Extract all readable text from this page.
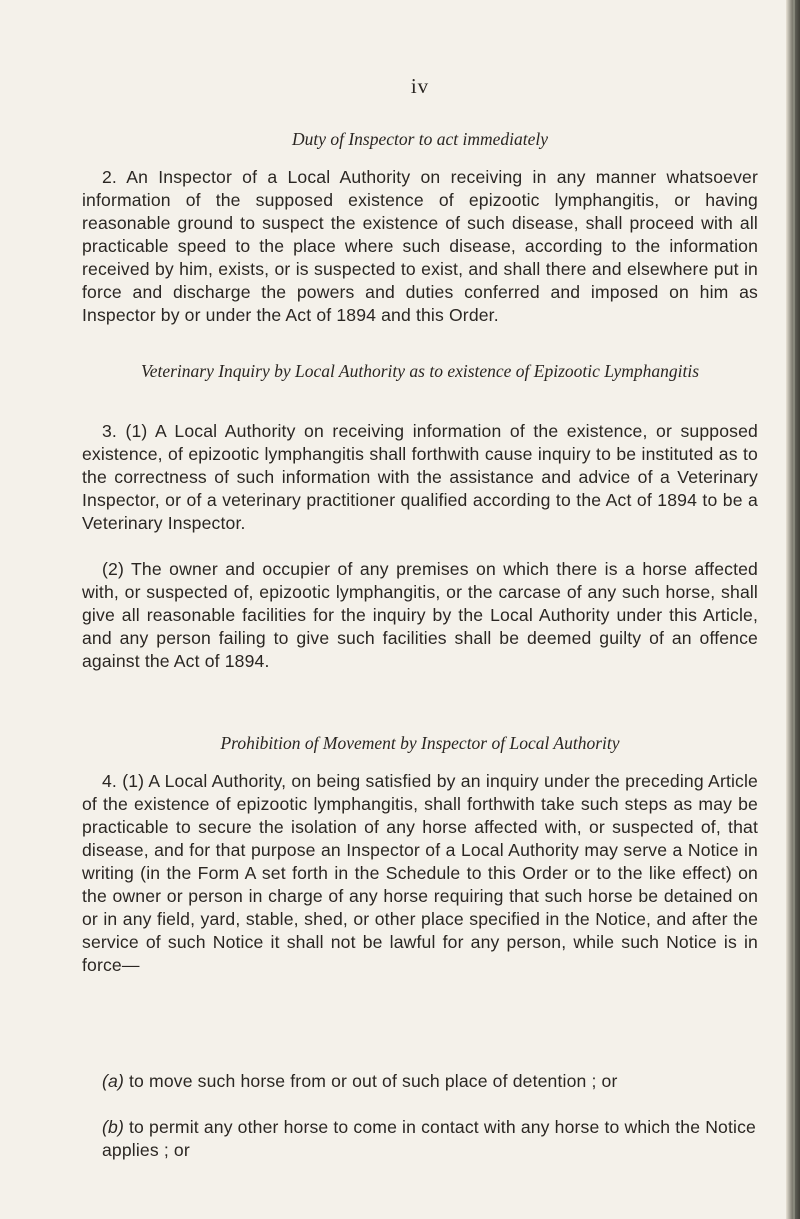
iv
Duty of Inspector to act immediately
2. An Inspector of a Local Authority on receiving in any manner whatsoever information of the supposed existence of epizootic lymphangitis, or having reasonable ground to suspect the existence of such disease, shall proceed with all practicable speed to the place where such disease, according to the information received by him, exists, or is suspected to exist, and shall there and elsewhere put in force and discharge the powers and duties conferred and imposed on him as Inspector by or under the Act of 1894 and this Order.
Veterinary Inquiry by Local Authority as to existence of Epizootic Lymphangitis
3. (1) A Local Authority on receiving information of the existence, or supposed existence, of epizootic lymphangitis shall forthwith cause inquiry to be instituted as to the correctness of such information with the assistance and advice of a Veterinary Inspector, or of a veterinary practitioner qualified according to the Act of 1894 to be a Veterinary Inspector.
(2) The owner and occupier of any premises on which there is a horse affected with, or suspected of, epizootic lymphangitis, or the carcase of any such horse, shall give all reasonable facilities for the inquiry by the Local Authority under this Article, and any person failing to give such facilities shall be deemed guilty of an offence against the Act of 1894.
Prohibition of Movement by Inspector of Local Authority
4. (1) A Local Authority, on being satisfied by an inquiry under the preceding Article of the existence of epizootic lymphangitis, shall forthwith take such steps as may be practicable to secure the isolation of any horse affected with, or suspected of, that disease, and for that purpose an Inspector of a Local Authority may serve a Notice in writing (in the Form A set forth in the Schedule to this Order or to the like effect) on the owner or person in charge of any horse requiring that such horse be detained on or in any field, yard, stable, shed, or other place specified in the Notice, and after the service of such Notice it shall not be lawful for any person, while such Notice is in force—
(a) to move such horse from or out of such place of detention ; or
(b) to permit any other horse to come in contact with any horse to which the Notice applies ; or
